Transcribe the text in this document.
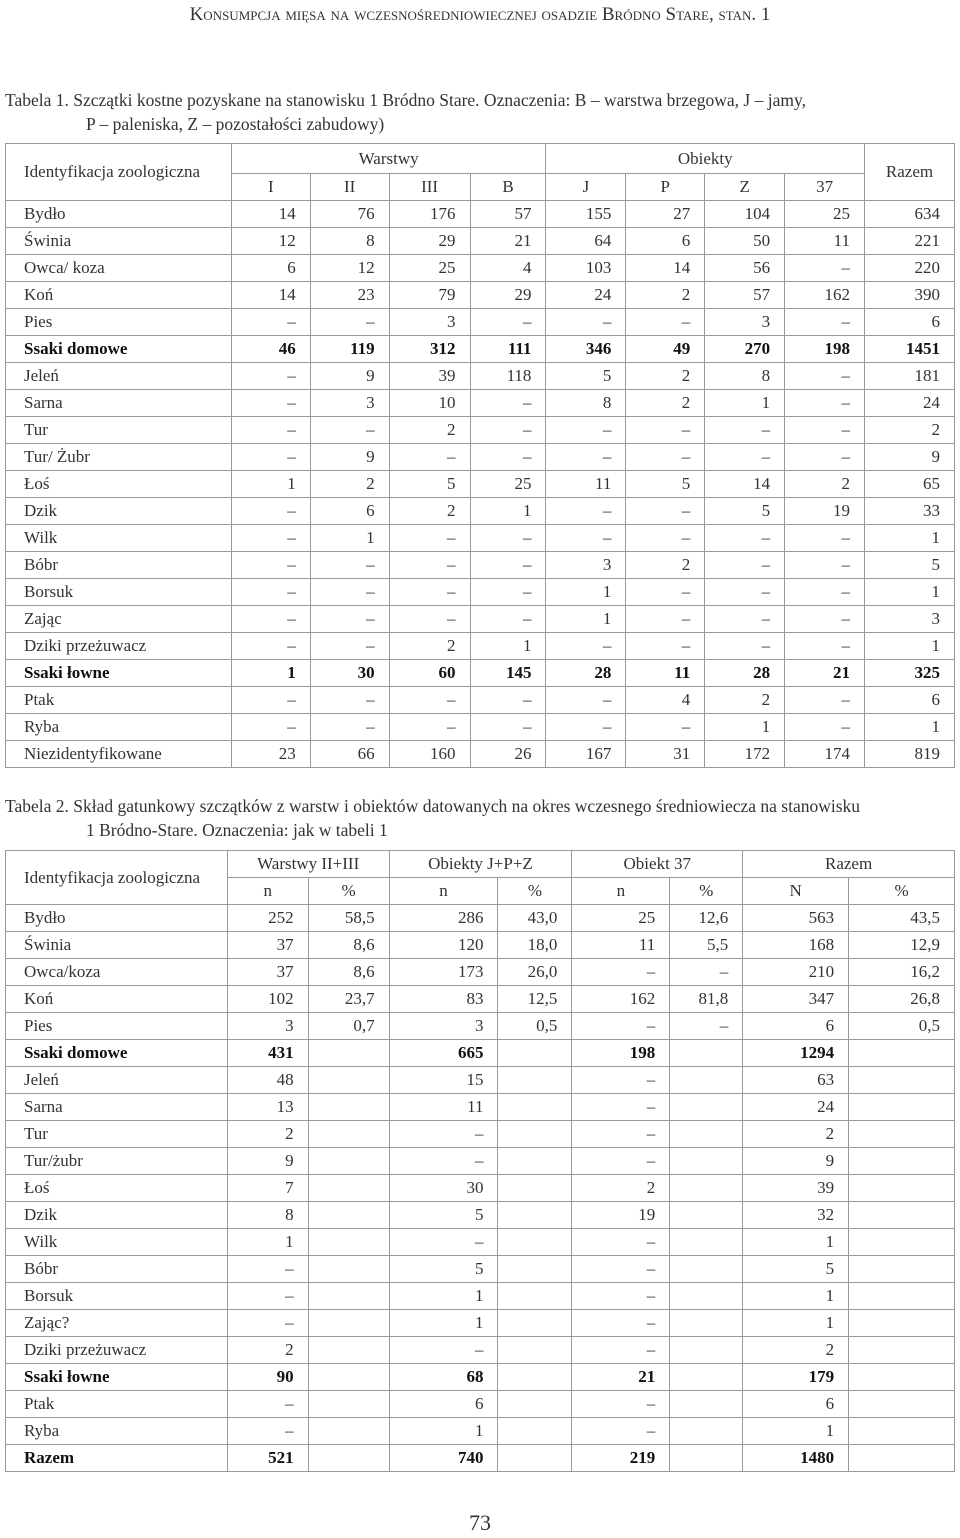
Konsumpcja mięsa na wczesnośredniowiecznej osadzie Bródno Stare, stan. 1
Tabela 1. Szczątki kostne pozyskane na stanowisku 1 Bródno Stare. Oznaczenia: B – warstwa brzegowa, J – jamy,
P – paleniska, Z – pozostałości zabudowy)
Identyfikacja zoologiczna	Warstwy				Obiekty				Razem
	I	II	III	B	J	P	Z	37	
Bydło	14	76	176	57	155	27	104	25	634
Świnia	12	8	29	21	64	6	50	11	221
Owca/ koza	6	12	25	4	103	14	56	–	220
Koń	14	23	79	29	24	2	57	162	390
Pies	–	–	3	–	–	–	3	–	6
Ssaki domowe	46	119	312	111	346	49	270	198	1451
Jeleń	–	9	39	118	5	2	8	–	181
Sarna	–	3	10	–	8	2	1	–	24
Tur	–	–	2	–	–	–	–	–	2
Tur/ Żubr	–	9	–	–	–	–	–	–	9
Łoś	1	2	5	25	11	5	14	2	65
Dzik	–	6	2	1	–	–	5	19	33
Wilk	–	1	–	–	–	–	–	–	1
Bóbr	–	–	–	–	3	2	–	–	5
Borsuk	–	–	–	–	1	–	–	–	1
Zając	–	–	–	–	1	–	–	–	3
Dziki przeżuwacz	–	–	2	1	–	–	–	–	1
Ssaki łowne	1	30	60	145	28	11	28	21	325
Ptak	–	–	–	–	–	4	2	–	6
Ryba	–	–	–	–	–	–	1	–	1
Niezidentyfikowane	23	66	160	26	167	31	172	174	819
Tabela 2. Skład gatunkowy szczątków z warstw i obiektów datowanych na okres wczesnego średniowiecza na stanowisku
1 Bródno-Stare. Oznaczenia: jak w tabeli 1
Identyfikacja zoologiczna	Warstwy II+III		Obiekty J+P+Z		Obiekt 37		Razem	
	n	%	n	%	n	%	N	%
Bydło	252	58,5	286	43,0	25	12,6	563	43,5
Świnia	37	8,6	120	18,0	11	5,5	168	12,9
Owca/koza	37	8,6	173	26,0	–	–	210	16,2
Koń	102	23,7	83	12,5	162	81,8	347	26,8
Pies	3	0,7	3	0,5	–	–	6	0,5
Ssaki domowe	431		665		198		1294	
Jeleń	48		15		–		63	
Sarna	13		11		–		24	
Tur	2		–		–		2	
Tur/żubr	9		–		–		9	
Łoś	7		30		2		39	
Dzik	8		5		19		32	
Wilk	1		–		–		1	
Bóbr	–		5		–		5	
Borsuk	–		1		–		1	
Zając?	–		1		–		1	
Dziki przeżuwacz	2		–		–		2	
Ssaki łowne	90		68		21		179	
Ptak	–		6		–		6	
Ryba	–		1		–		1	
Razem	521		740		219		1480	
73
